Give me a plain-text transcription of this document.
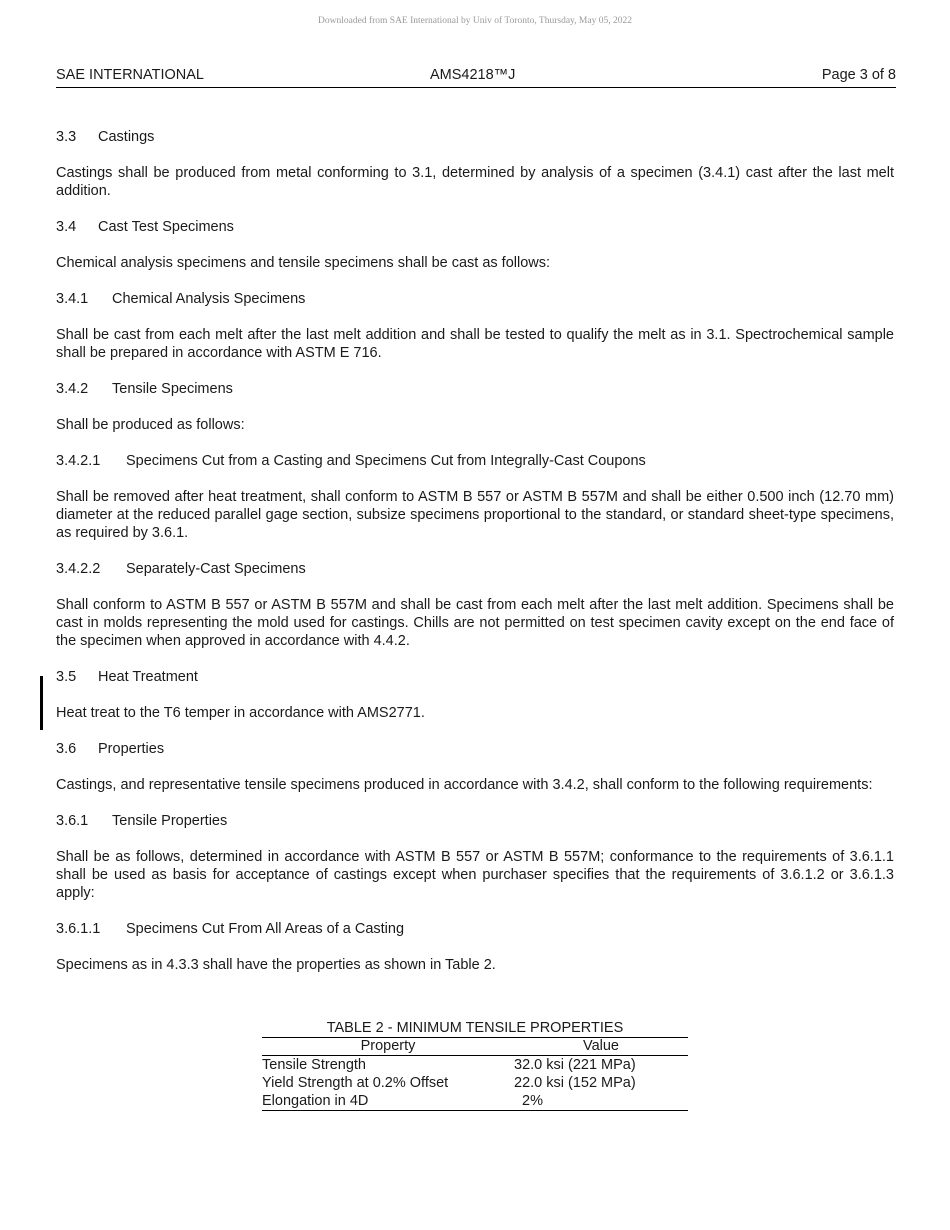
Downloaded from SAE International by Univ of Toronto, Thursday, May 05, 2022
SAE INTERNATIONAL	AMS4218™J	Page 3 of 8
3.3 Castings
Castings shall be produced from metal conforming to 3.1, determined by analysis of a specimen (3.4.1) cast after the last melt addition.
3.4 Cast Test Specimens
Chemical analysis specimens and tensile specimens shall be cast as follows:
3.4.1 Chemical Analysis Specimens
Shall be cast from each melt after the last melt addition and shall be tested to qualify the melt as in 3.1. Spectrochemical sample shall be prepared in accordance with ASTM E 716.
3.4.2 Tensile Specimens
Shall be produced as follows:
3.4.2.1 Specimens Cut from a Casting and Specimens Cut from Integrally-Cast Coupons
Shall be removed after heat treatment, shall conform to ASTM B 557 or ASTM B 557M and shall be either 0.500 inch (12.70 mm) diameter at the reduced parallel gage section, subsize specimens proportional to the standard, or standard sheet-type specimens, as required by 3.6.1.
3.4.2.2 Separately-Cast Specimens
Shall conform to ASTM B 557 or ASTM B 557M and shall be cast from each melt after the last melt addition. Specimens shall be cast in molds representing the mold used for castings. Chills are not permitted on test specimen cavity except on the end face of the specimen when approved in accordance with 4.4.2.
3.5 Heat Treatment
Heat treat to the T6 temper in accordance with AMS2771.
3.6 Properties
Castings, and representative tensile specimens produced in accordance with 3.4.2, shall conform to the following requirements:
3.6.1 Tensile Properties
Shall be as follows, determined in accordance with ASTM B 557 or ASTM B 557M; conformance to the requirements of 3.6.1.1 shall be used as basis for acceptance of castings except when purchaser specifies that the requirements of 3.6.1.2 or 3.6.1.3 apply:
3.6.1.1 Specimens Cut From All Areas of a Casting
Specimens as in 4.3.3 shall have the properties as shown in Table 2.
TABLE 2 - MINIMUM TENSILE PROPERTIES
Property	Value
Tensile Strength	32.0 ksi (221 MPa)
Yield Strength at 0.2% Offset	22.0 ksi (152 MPa)
Elongation in 4D	2%
